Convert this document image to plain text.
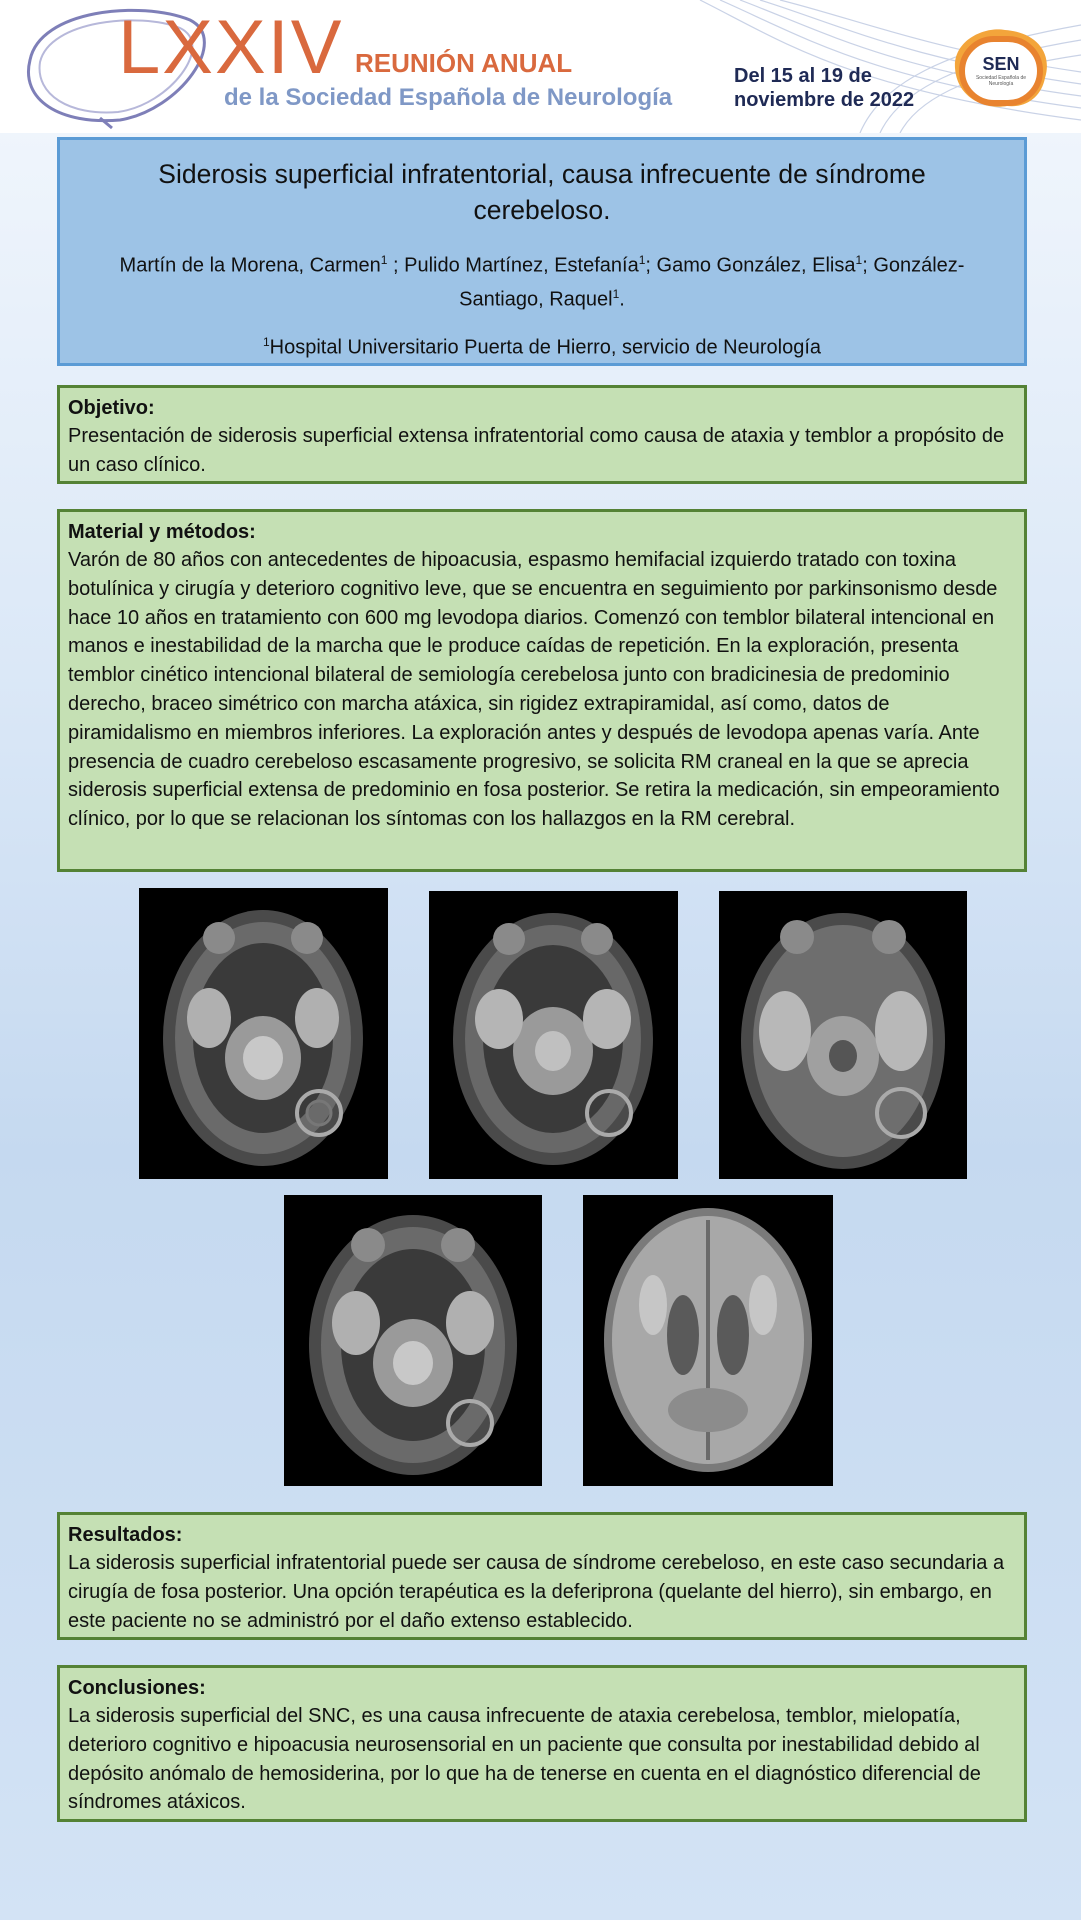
LXXIV REUNIÓN ANUAL
de la Sociedad Española de Neurología
Del 15 al 19 de
noviembre de 2022
SEN
Sociedad Española de Neurología
Siderosis superficial infratentorial, causa infrecuente de síndrome cerebeloso.
Martín de la Morena, Carmen$^1$ ; Pulido Martínez, Estefanía$^1$; Gamo González, Elisa$^1$; González-Santiago, Raquel$^1$.
$^1$Hospital Universitario Puerta de Hierro, servicio de Neurología
Objetivo:

Presentación de siderosis superficial extensa infratentorial como causa de ataxia y temblor a propósito de un caso clínico.

Material y métodos:

Varón de 80 años con antecedentes de hipoacusia, espasmo hemifacial izquierdo tratado con toxina botulínica y cirugía y deterioro cognitivo leve, que se encuentra en seguimiento por parkinsonismo desde hace 10 años en tratamiento con 600 mg levodopa diarios. Comenzó con temblor bilateral intencional en manos e inestabilidad de la marcha que le produce caídas de repetición. En la exploración, presenta temblor cinético intencional bilateral de semiología cerebelosa junto con bradicinesia de predominio derecho, braceo simétrico con marcha atáxica, sin rigidez extrapiramidal, así como, datos de piramidalismo en miembros inferiores. La exploración antes y después de levodopa apenas varía. Ante presencia de cuadro cerebeloso escasamente progresivo, se solicita RM craneal en la que se aprecia siderosis superficial extensa de predominio en fosa posterior. Se retira la medicación, sin empeoramiento clínico, por lo que se relacionan los síntomas con los hallazgos en la RM cerebral.

Resultados:

La siderosis superficial infratentorial puede ser causa de síndrome cerebeloso, en este caso secundaria a cirugía de fosa posterior. Una opción terapéutica es la deferiprona (quelante del hierro), sin embargo, en este paciente no se administró por el daño extenso establecido.

Conclusiones:

La siderosis superficial del SNC, es una causa infrecuente de ataxia cerebelosa, temblor, mielopatía, deterioro cognitivo e hipoacusia neurosensorial en un paciente que consulta por inestabilidad debido al depósito anómalo de hemosiderina, por lo que ha de tenerse en cuenta en el diagnóstico diferencial de síndromes atáxicos.
